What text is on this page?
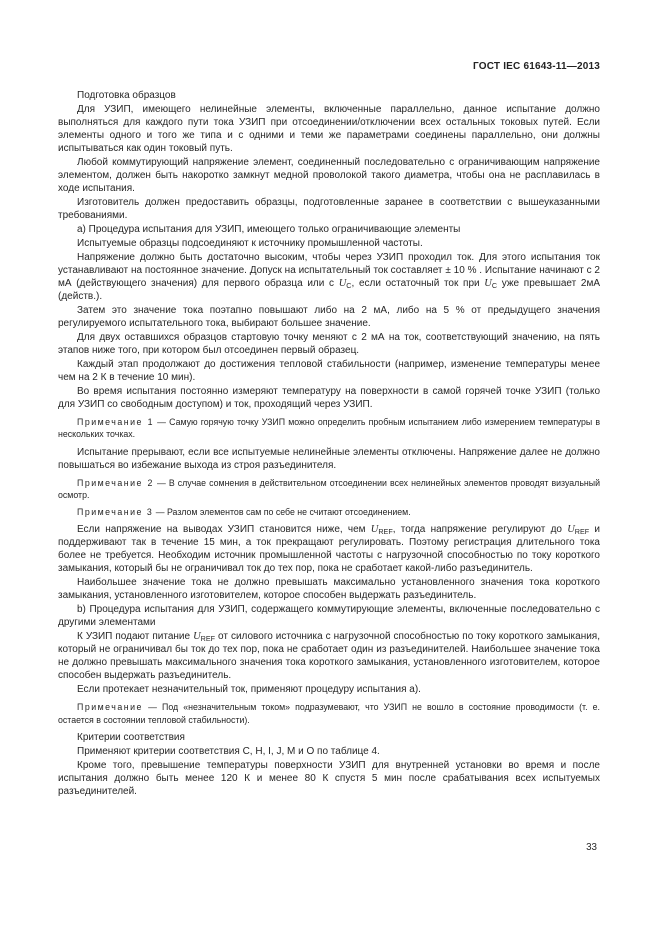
ГОСТ IEC 61643-11—2013

Подготовка образцов

Для УЗИП, имеющего нелинейные элементы, включенные параллельно, данное испытание должно выполняться для каждого пути тока УЗИП при отсоединении/отключении всех остальных токовых путей. Если элементы одного и того же типа и с одними и теми же параметрами соединены параллельно, они должны испытываться как один токовый путь.

Любой коммутирующий напряжение элемент, соединенный последовательно с ограничивающим напряжение элементом, должен быть накоротко замкнут медной проволокой такого диаметра, чтобы она не расплавилась в ходе испытания.

Изготовитель должен предоставить образцы, подготовленные заранее в соответствии с вышеуказанными требованиями.

а) Процедура испытания для УЗИП, имеющего только ограничивающие элементы

Испытуемые образцы подсоединяют к источнику промышленной частоты.

Напряжение должно быть достаточно высоким, чтобы через УЗИП проходил ток. Для этого испытания ток устанавливают на постоянное значение. Допуск на испытательный ток составляет ± 10 % . Испытание начинают с 2 мА (действующего значения) для первого образца или с $U_C$, если остаточный ток при $U_C$ уже превышает 2мА (действ.).

Затем это значение тока поэтапно повышают либо на 2 мА, либо на 5 % от предыдущего значения регулируемого испытательного тока, выбирают большее значение.

Для двух оставшихся образцов стартовую точку меняют с 2 мА на ток, соответствующий значению, на пять этапов ниже того, при котором был отсоединен первый образец.

Каждый этап продолжают до достижения тепловой стабильности (например, изменение температуры менее чем на 2 К в течение 10 мин).

Во время испытания постоянно измеряют температуру на поверхности в самой горячей точке УЗИП (только для УЗИП со свободным доступом) и ток, проходящий через УЗИП.

Примечание 1 — Самую горячую точку УЗИП можно определить пробным испытанием либо измерением температуры в нескольких точках.

Испытание прерывают, если все испытуемые нелинейные элементы отключены. Напряжение далее не должно повышаться во избежание выхода из строя разъединителя.

Примечание 2 — В случае сомнения в действительном отсоединении всех нелинейных элементов проводят визуальный осмотр.

Примечание 3 — Разлом элементов сам по себе не считают отсоединением.

Если напряжение на выводах УЗИП становится ниже, чем $U_{REF}$, тогда напряжение регулируют до $U_{REF}$ и поддерживают так в течение 15 мин, а ток прекращают регулировать. Поэтому регистрация длительного тока более не требуется. Необходим источник промышленной частоты с нагрузочной способностью по току короткого замыкания, который бы не ограничивал ток до тех пор, пока не сработает какой-либо разъединитель.

Наибольшее значение тока не должно превышать максимально установленного значения тока короткого замыкания, установленного изготовителем, которое способен выдержать разъединитель.

b) Процедура испытания для УЗИП, содержащего коммутирующие элементы, включенные последовательно с другими элементами

К УЗИП подают питание $U_{REF}$ от силового источника с нагрузочной способностью по току короткого замыкания, который не ограничивал бы ток до тех пор, пока не сработает один из разъединителей. Наибольшее значение тока не должно превышать максимального значения тока короткого замыкания, установленного изготовителем, которое способен выдержать разъединитель.

Если протекает незначительный ток, применяют процедуру испытания а).

Примечание — Под «незначительным током» подразумевают, что УЗИП не вошло в состояние проводимости (т. е. остается в состоянии тепловой стабильности).

Критерии соответствия

Применяют критерии соответствия C, H, I, J, M и O по таблице 4.

Кроме того, превышение температуры поверхности УЗИП для внутренней установки во время и после испытания должно быть менее 120 К и менее 80 К спустя 5 мин после срабатывания всех испытуемых разъединителей.

33
